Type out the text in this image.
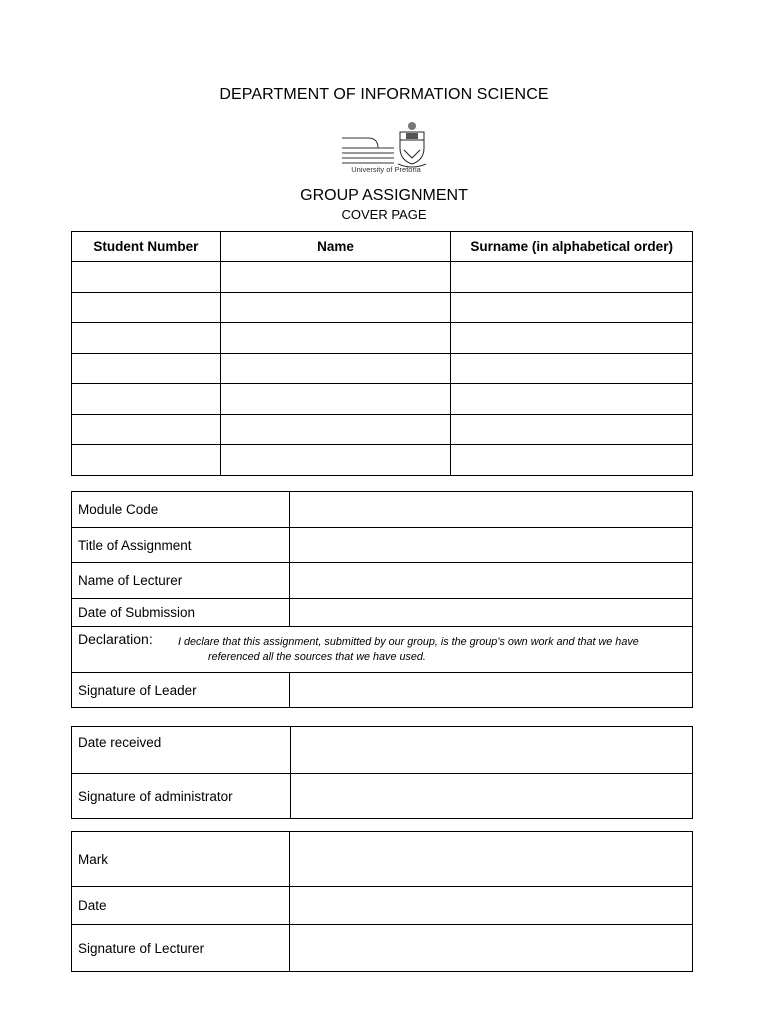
DEPARTMENT OF INFORMATION SCIENCE
University of Pretoria
GROUP ASSIGNMENT
COVER PAGE
Student Number	Name	Surname (in alphabetical order)

Module Code	
Title of Assignment	
Name of Lecturer	
Date of Submission	

Declaration: I declare that this assignment, submitted by our group, is the group’s own work and that we have
referenced all the sources that we have used.	

Signature of Leader	
Date received	
Signature of administrator	
Mark	
Date	
Signature of Lecturer	
